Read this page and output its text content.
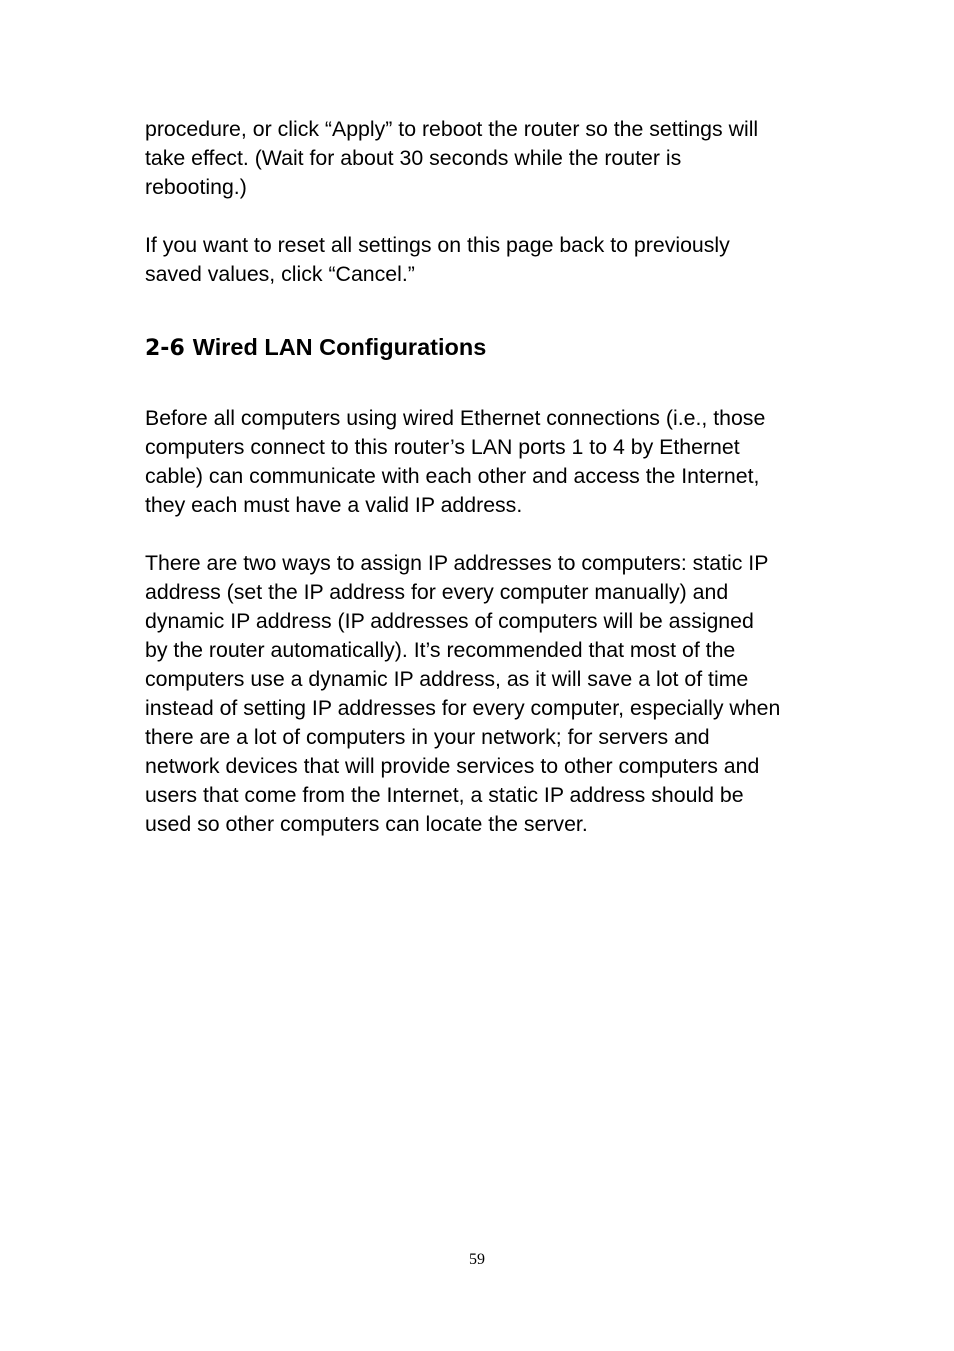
procedure, or click “Apply” to reboot the router so the settings will
take effect. (Wait for about 30 seconds while the router is
rebooting.)

If you want to reset all settings on this page back to previously
saved values, click “Cancel.”

2-6 Wired LAN Configurations

Before all computers using wired Ethernet connections (i.e., those
computers connect to this router’s LAN ports 1 to 4 by Ethernet
cable) can communicate with each other and access the Internet,
they each must have a valid IP address.

There are two ways to assign IP addresses to computers: static IP
address (set the IP address for every computer manually) and
dynamic IP address (IP addresses of computers will be assigned
by the router automatically). It’s recommended that most of the
computers use a dynamic IP address, as it will save a lot of time
instead of setting IP addresses for every computer, especially when
there are a lot of computers in your network; for servers and
network devices that will provide services to other computers and
users that come from the Internet, a static IP address should be
used so other computers can locate the server.

59
